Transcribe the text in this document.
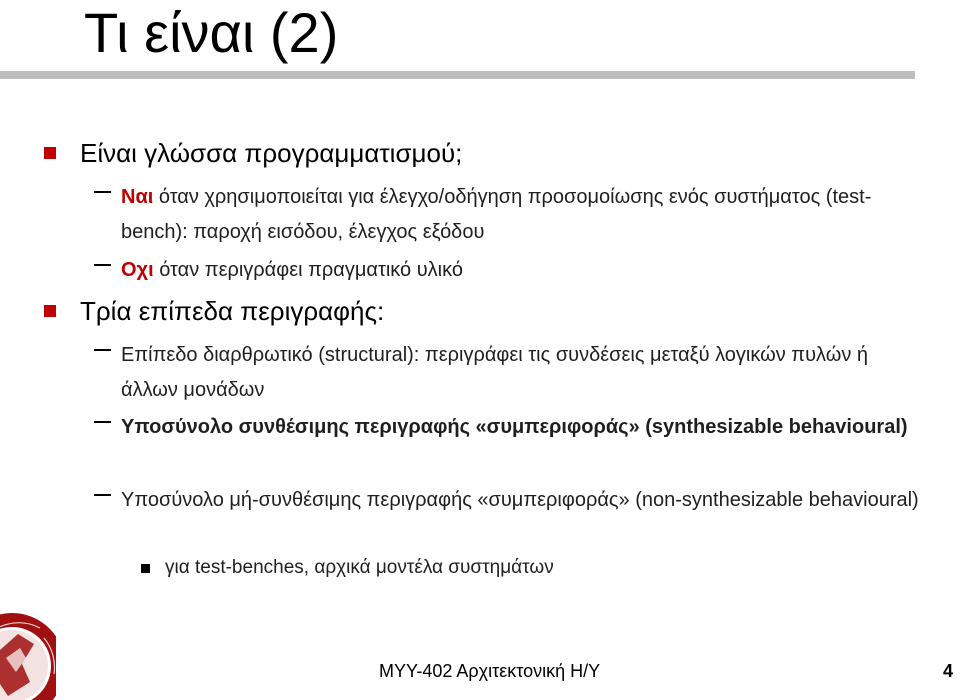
Τι είναι (2)
Είναι γλώσσα προγραμματισμού;
Ναι όταν χρησιμοποιείται για έλεγχο/οδήγηση προσομοίωσης ενός συστήματος (test-bench): παροχή εισόδου, έλεγχος εξόδου
Οχι όταν περιγράφει πραγματικό υλικό
Τρία επίπεδα περιγραφής:
Επίπεδο διαρθρωτικό (structural): περιγράφει τις συνδέσεις μεταξύ λογικών πυλών ή άλλων μονάδων
Υποσύνολο συνθέσιμης περιγραφής «συμπεριφοράς» (synthesizable behavioural)
Υποσύνολο μή-συνθέσιμης περιγραφής «συμπεριφοράς» (non-synthesizable behavioural)
για test-benches, αρχικά μοντέλα συστημάτων
ΜΥΥ-402 Αρχιτεκτονική Η/Υ	4
